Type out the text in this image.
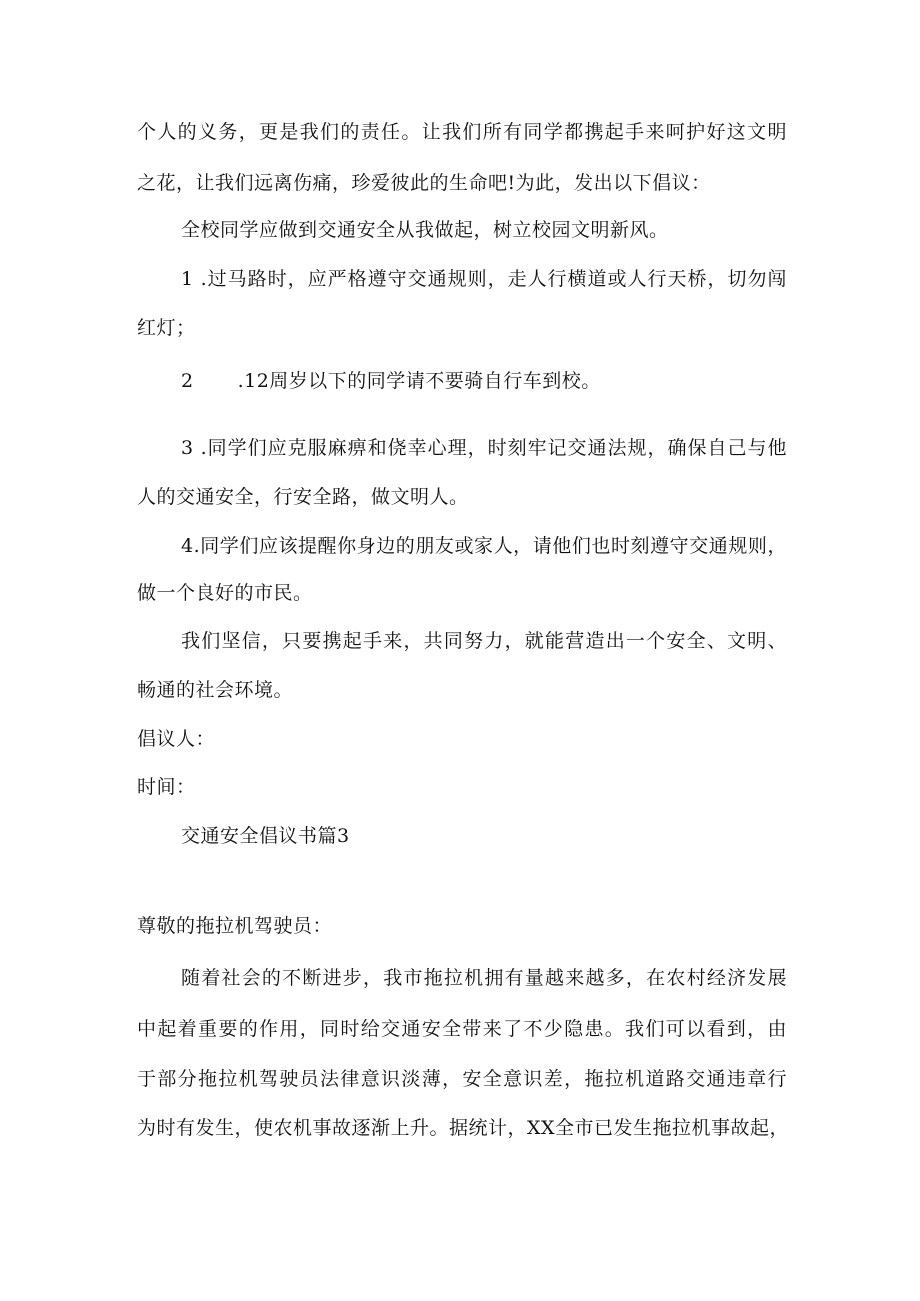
个人的义务，更是我们的责任。让我们所有同学都携起手来呵护好这文明
之花，让我们远离伤痛，珍爱彼此的生命吧!为此，发出以下倡议：
全校同学应做到交通安全从我做起，树立校园文明新风。
1 .过马路时，应严格遵守交通规则，走人行横道或人行天桥，切勿闯
红灯；
2 .12周岁以下的同学请不要骑自行车到校。
3 .同学们应克服麻痹和侥幸心理，时刻牢记交通法规，确保自己与他
人的交通安全，行安全路，做文明人。
4.同学们应该提醒你身边的朋友或家人，请他们也时刻遵守交通规则，
做一个良好的市民。
我们坚信，只要携起手来，共同努力，就能营造出一个安全、文明、
畅通的社会环境。
倡议人：
时间：
交通安全倡议书篇3
尊敬的拖拉机驾驶员：
随着社会的不断进步，我市拖拉机拥有量越来越多，在农村经济发展
中起着重要的作用，同时给交通安全带来了不少隐患。我们可以看到，由
于部分拖拉机驾驶员法律意识淡薄，安全意识差，拖拉机道路交通违章行
为时有发生，使农机事故逐渐上升。据统计，XX全市已发生拖拉机事故起，
